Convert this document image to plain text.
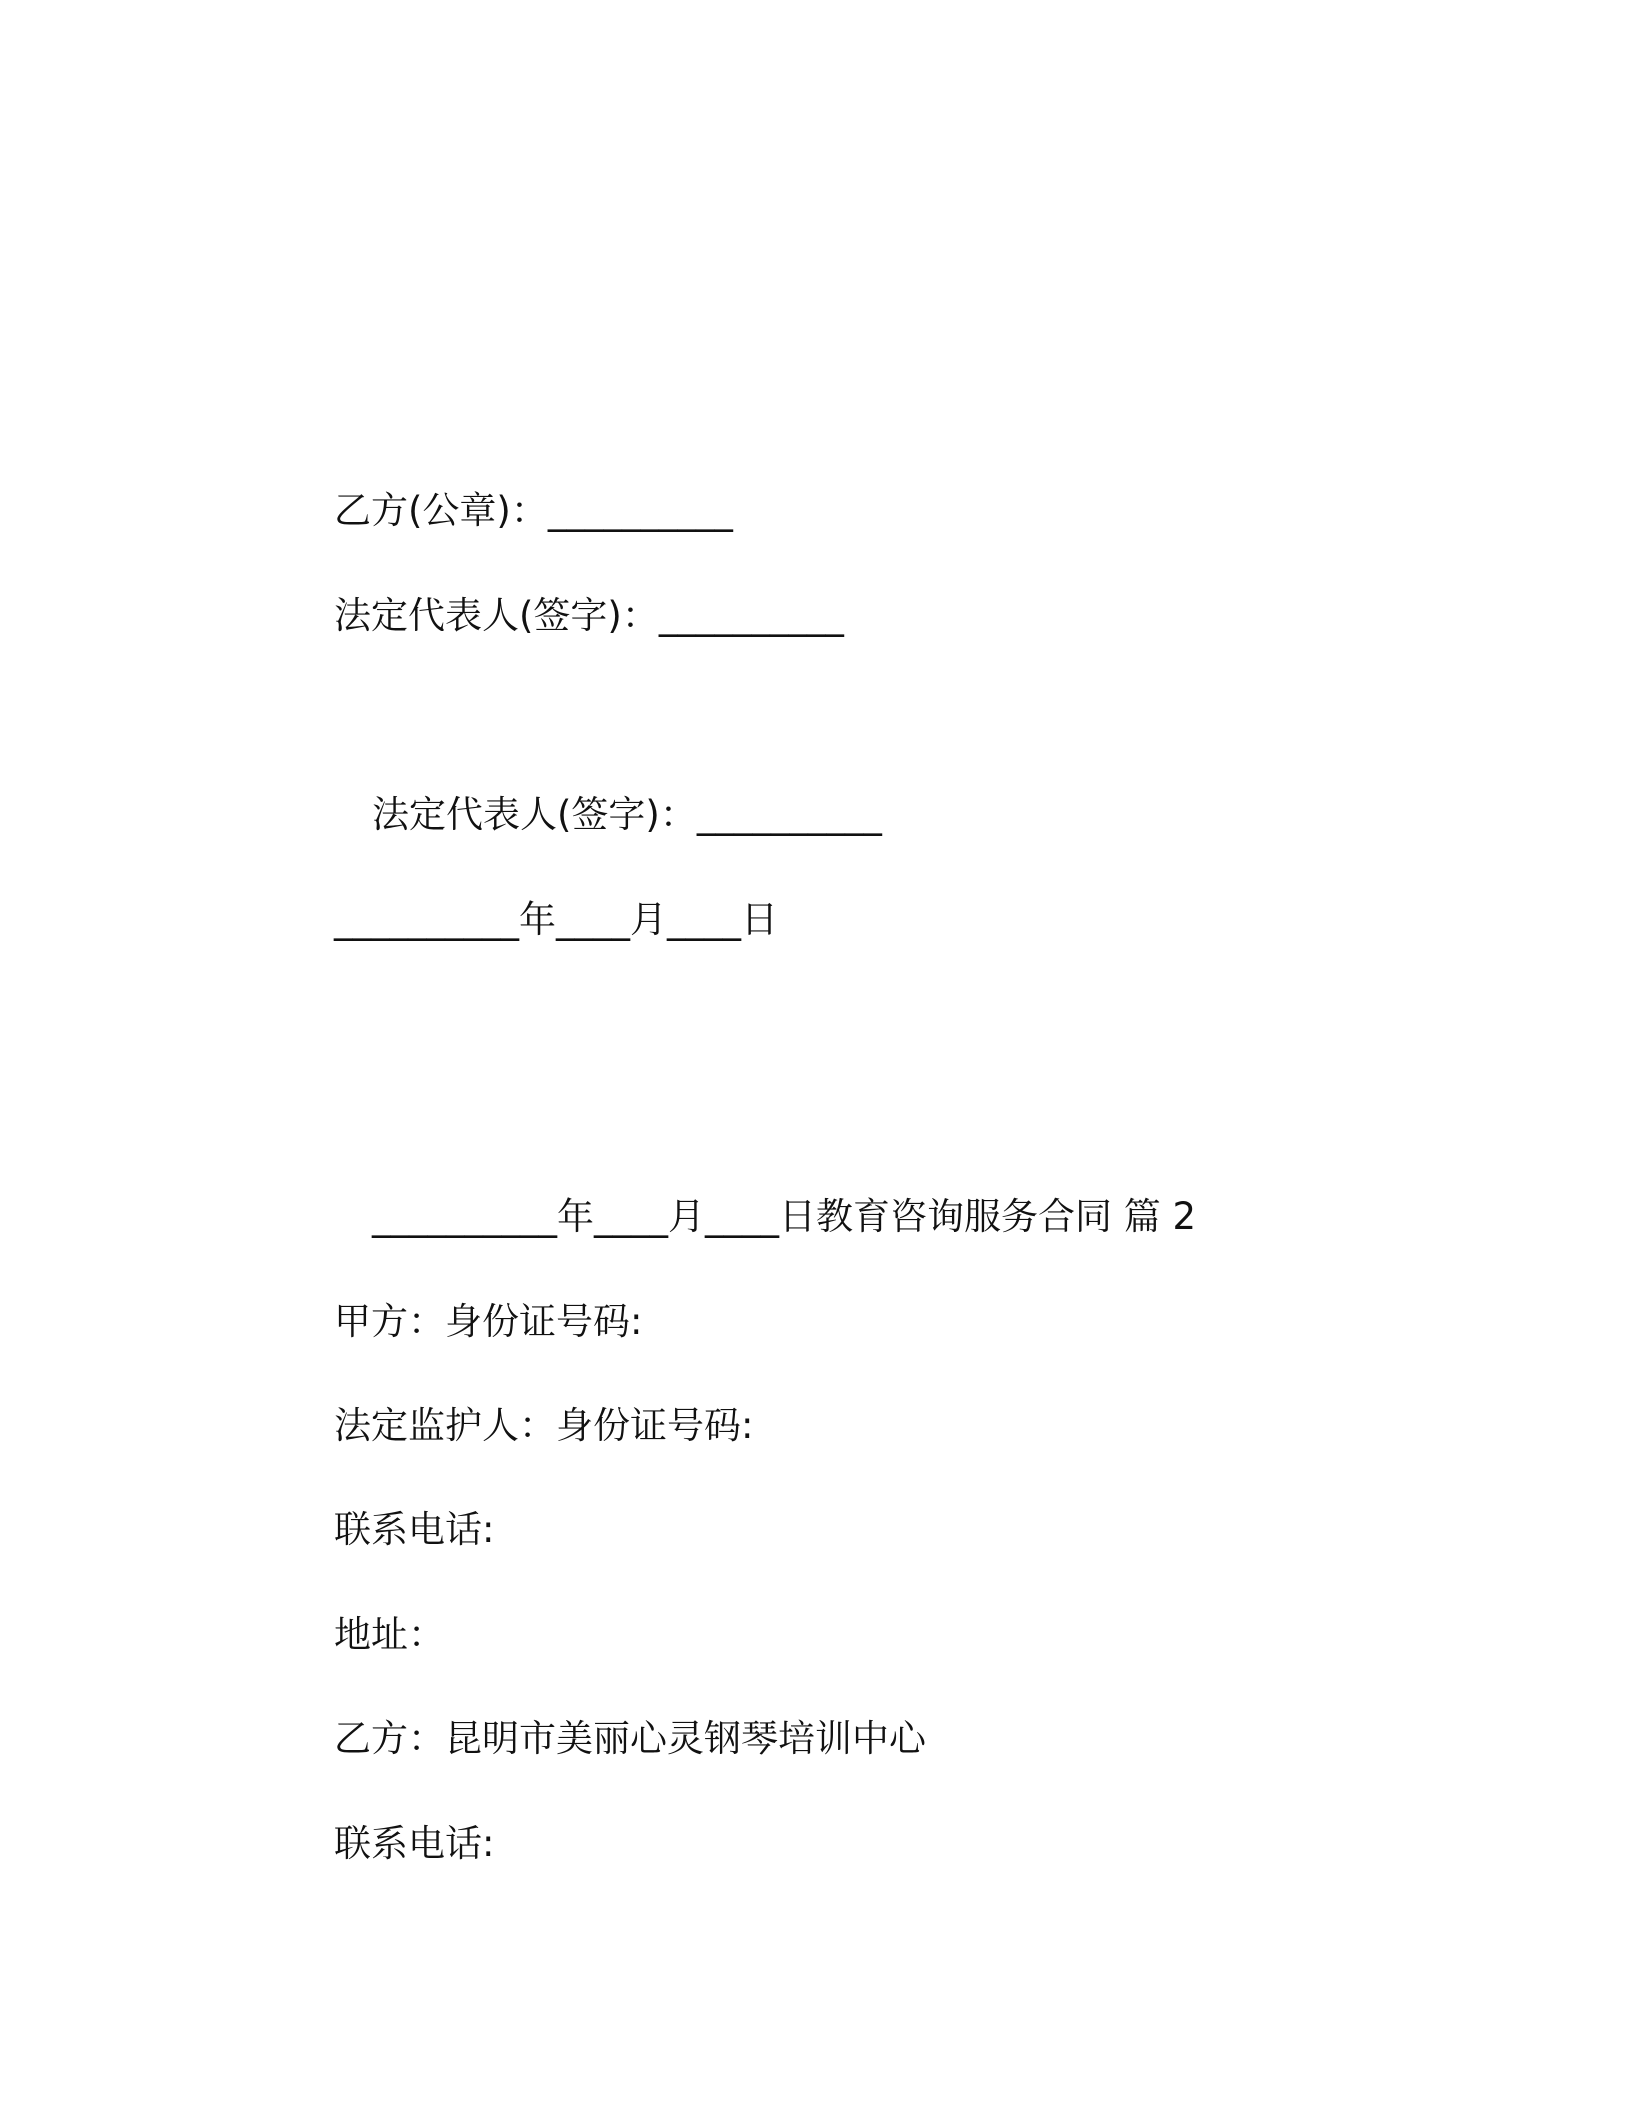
乙方(公章)：__________
法定代表人(签字)：__________
法定代表人(签字)：__________
__________年____月____日
__________年____月____日教育咨询服务合同 篇 2
甲方：身份证号码:
法定监护人：身份证号码:
联系电话:
地址：
乙方：昆明市美丽心灵钢琴培训中心
联系电话:
